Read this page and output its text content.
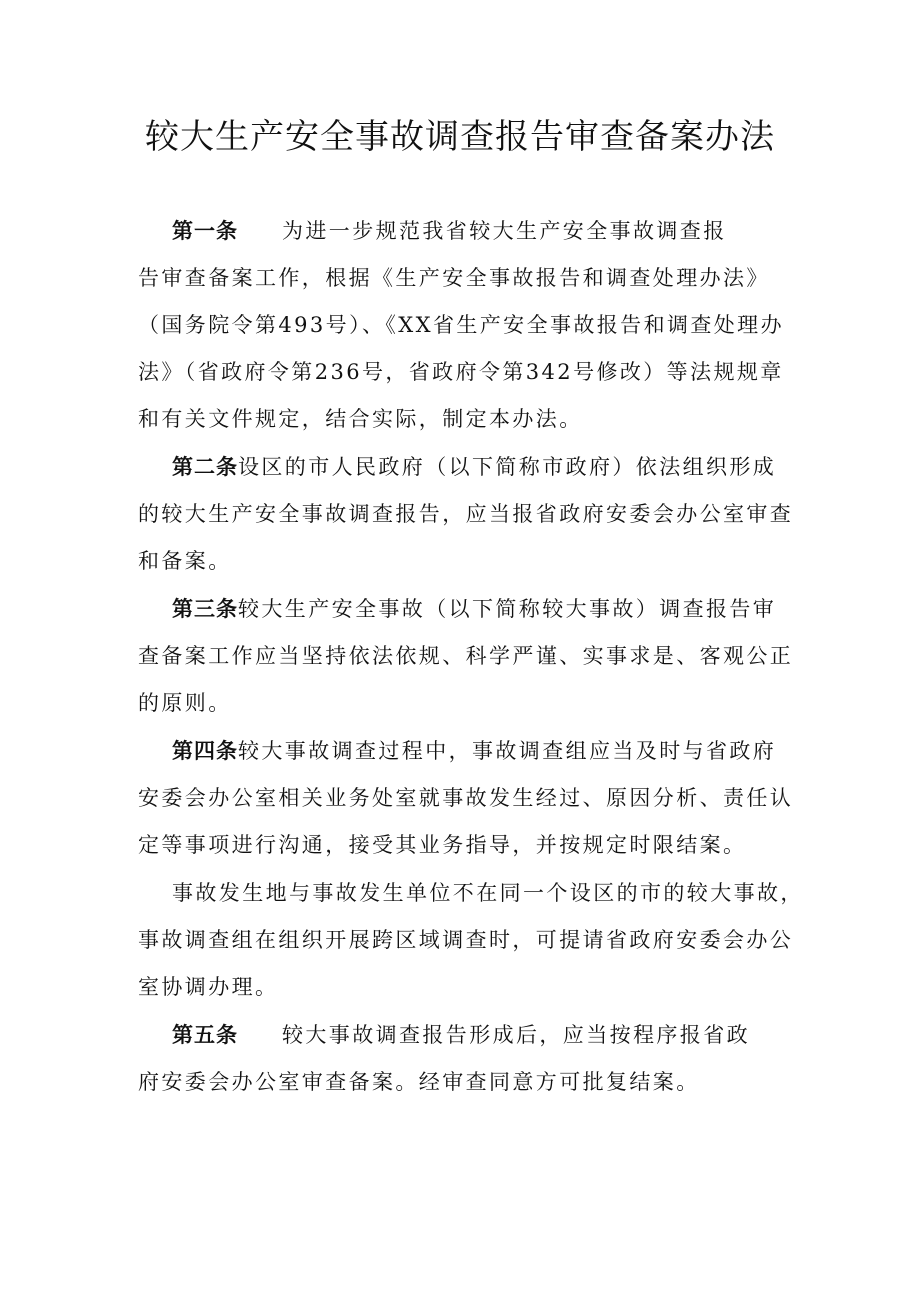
较大生产安全事故调查报告审查备案办法
第一条 为进一步规范我省较大生产安全事故调查报
告审查备案工作，根据《生产安全事故报告和调查处理办法》
（国务院令第493号）、《XX省生产安全事故报告和调查处理办
法》（省政府令第236号，省政府令第342号修改）等法规规章
和有关文件规定，结合实际，制定本办法。
第二条设区的市人民政府（以下简称市政府）依法组织形成
的较大生产安全事故调查报告，应当报省政府安委会办公室审查
和备案。
第三条较大生产安全事故（以下简称较大事故）调查报告审
查备案工作应当坚持依法依规、科学严谨、实事求是、客观公正
的原则。
第四条较大事故调查过程中，事故调查组应当及时与省政府
安委会办公室相关业务处室就事故发生经过、原因分析、责任认
定等事项进行沟通，接受其业务指导，并按规定时限结案。
事故发生地与事故发生单位不在同一个设区的市的较大事故，
事故调查组在组织开展跨区域调查时，可提请省政府安委会办公
室协调办理。
第五条 较大事故调查报告形成后，应当按程序报省政
府安委会办公室审查备案。经审查同意方可批复结案。
